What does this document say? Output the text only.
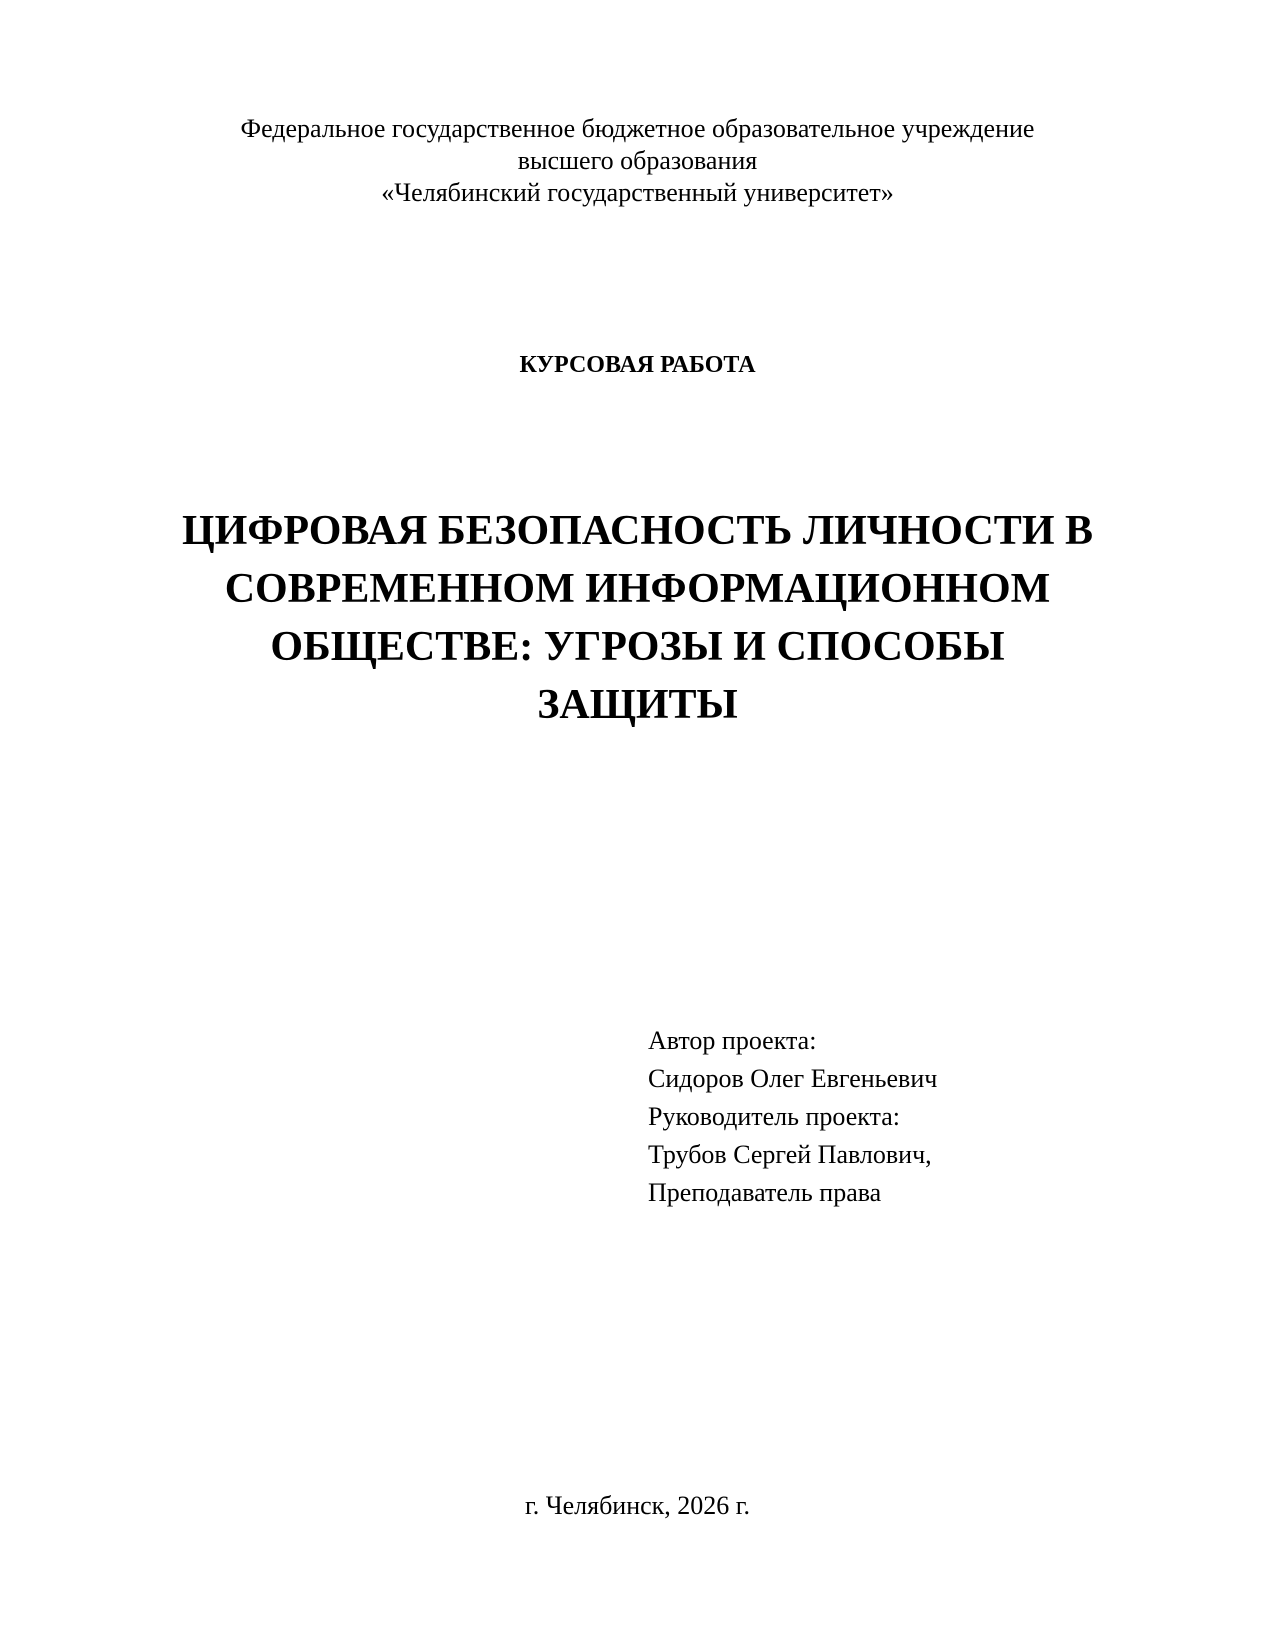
Федеральное государственное бюджетное образовательное учреждение
высшего образования
«Челябинский государственный университет»
КУРСОВАЯ РАБОТА
ЦИФРОВАЯ БЕЗОПАСНОСТЬ ЛИЧНОСТИ В
СОВРЕМЕННОМ ИНФОРМАЦИОННОМ
ОБЩЕСТВЕ: УГРОЗЫ И СПОСОБЫ
ЗАЩИТЫ
Автор проекта:
Сидоров Олег Евгеньевич
Руководитель проекта:
Трубов Сергей Павлович,
Преподаватель права
г. Челябинск, 2026 г.
